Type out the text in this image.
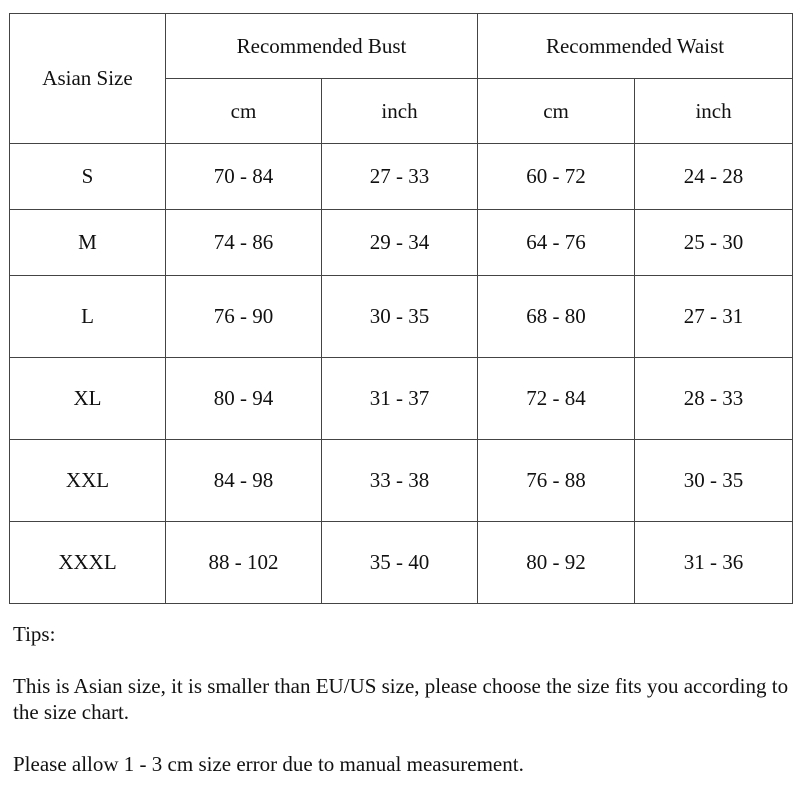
Asian Size	Recommended Bust		Recommended Waist	
	cm	inch	cm	inch
S	70 - 84	27 - 33	60 - 72	24 - 28
M	74 - 86	29 - 34	64 - 76	25 - 30
L	76 - 90	30 - 35	68 - 80	27 - 31
XL	80 - 94	31 - 37	72 - 84	28 - 33
XXL	84 - 98	33 - 38	76 - 88	30 - 35
XXXL	88 - 102	35 - 40	80 - 92	31 - 36

Tips:

This is Asian size, it is smaller than EU/US size, please choose the size fits you according to the size chart.

Please allow 1 - 3 cm size error due to manual measurement.
